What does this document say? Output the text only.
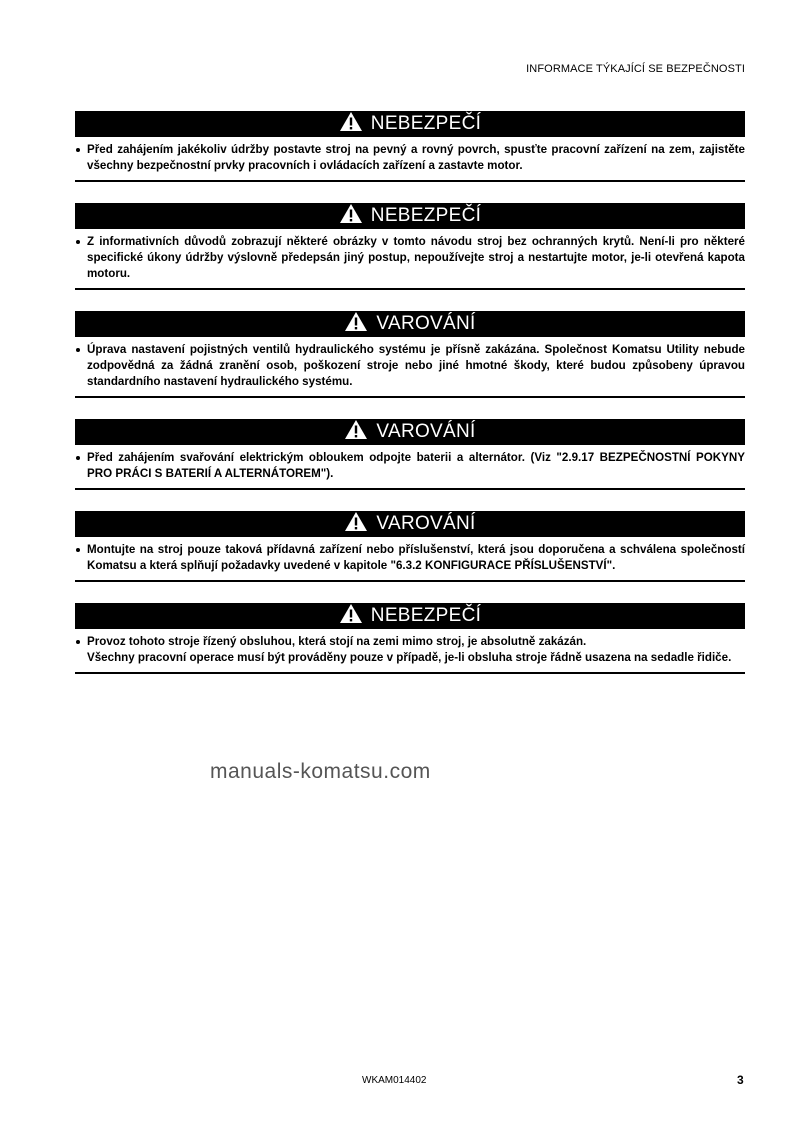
INFORMACE TÝKAJÍCÍ SE BEZPEČNOSTI
NEBEZPEČÍ
Před zahájením jakékoliv údržby postavte stroj na pevný a rovný povrch, spusťte pracovní zařízení na zem, zajistěte všechny bezpečnostní prvky pracovních i ovládacích zařízení a zastavte motor.
NEBEZPEČÍ
Z informativních důvodů zobrazují některé obrázky v tomto návodu stroj bez ochranných krytů. Není-li pro některé specifické úkony údržby výslovně předepsán jiný postup, nepoužívejte stroj a nestartujte motor, je-li otevřená kapota motoru.
VAROVÁNÍ
Úprava nastavení pojistných ventilů hydraulického systému je přísně zakázána. Společnost Komatsu Utility nebude zodpovědná za žádná zranění osob, poškození stroje nebo jiné hmotné škody, které budou způsobeny úpravou standardního nastavení hydraulického systému.
VAROVÁNÍ
Před zahájením svařování elektrickým obloukem odpojte baterii a alternátor. (Viz "2.9.17 BEZPEČNOSTNÍ POKYNY PRO PRÁCI S BATERIÍ A ALTERNÁTOREM").
VAROVÁNÍ
Montujte na stroj pouze taková přídavná zařízení nebo příslušenství, která jsou doporučena a schválena společností Komatsu a která splňují požadavky uvedené v kapitole "6.3.2 KONFIGURACE PŘÍSLUŠENSTVÍ".
NEBEZPEČÍ
Provoz tohoto stroje řízený obsluhou, která stojí na zemi mimo stroj, je absolutně zakázán.
Všechny pracovní operace musí být prováděny pouze v případě, je-li obsluha stroje řádně usazena na sedadle řidiče.
manuals-komatsu.com
WKAM014402	3
